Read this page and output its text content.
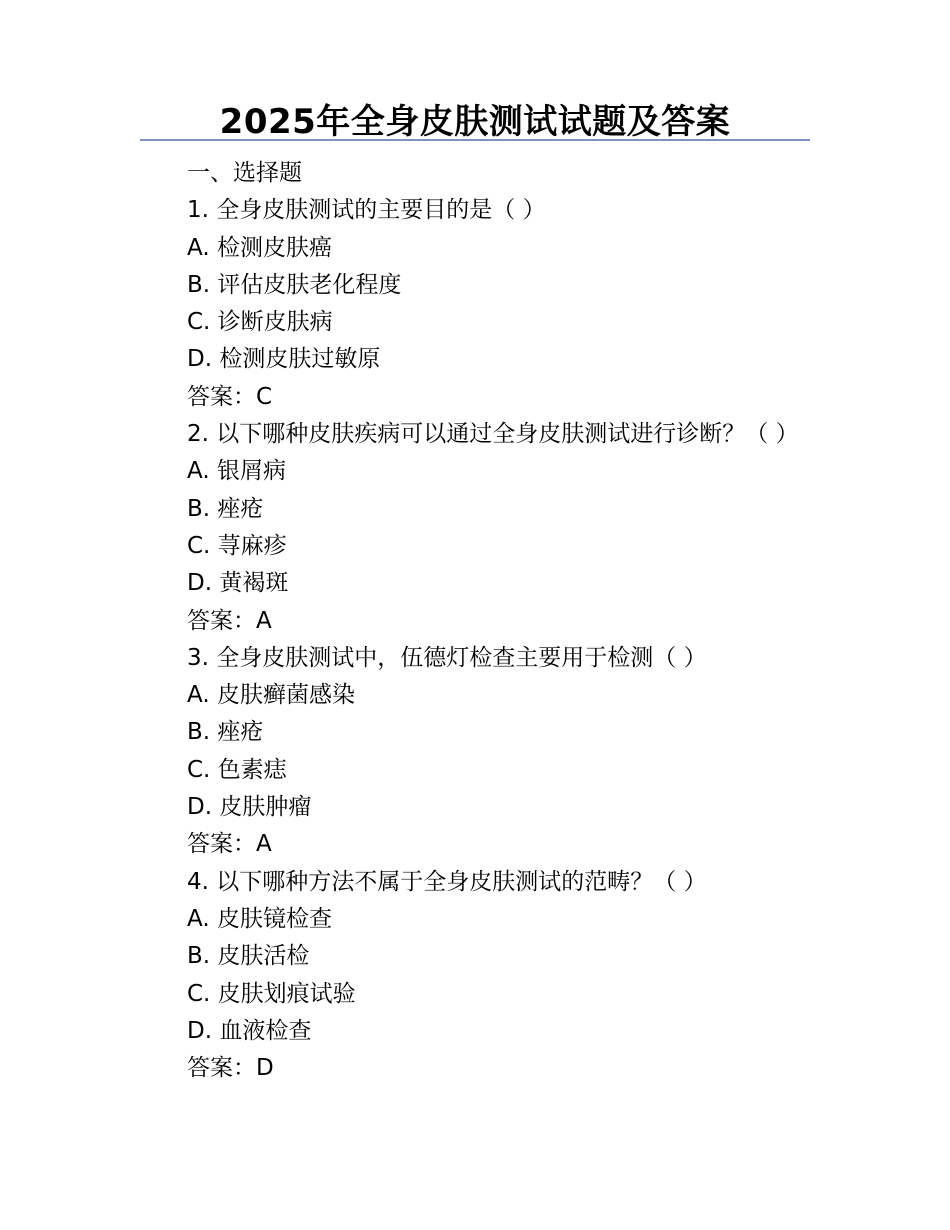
2025年全身皮肤测试试题及答案
一、选择题
1. 全身皮肤测试的主要目的是（ ）
A. 检测皮肤癌
B. 评估皮肤老化程度
C. 诊断皮肤病
D. 检测皮肤过敏原
答案：C
2. 以下哪种皮肤疾病可以通过全身皮肤测试进行诊断？（ ）
A. 银屑病
B. 痤疮
C. 荨麻疹
D. 黄褐斑
答案：A
3. 全身皮肤测试中，伍德灯检查主要用于检测（ ）
A. 皮肤癣菌感染
B. 痤疮
C. 色素痣
D. 皮肤肿瘤
答案：A
4. 以下哪种方法不属于全身皮肤测试的范畴？（ ）
A. 皮肤镜检查
B. 皮肤活检
C. 皮肤划痕试验
D. 血液检查
答案：D
